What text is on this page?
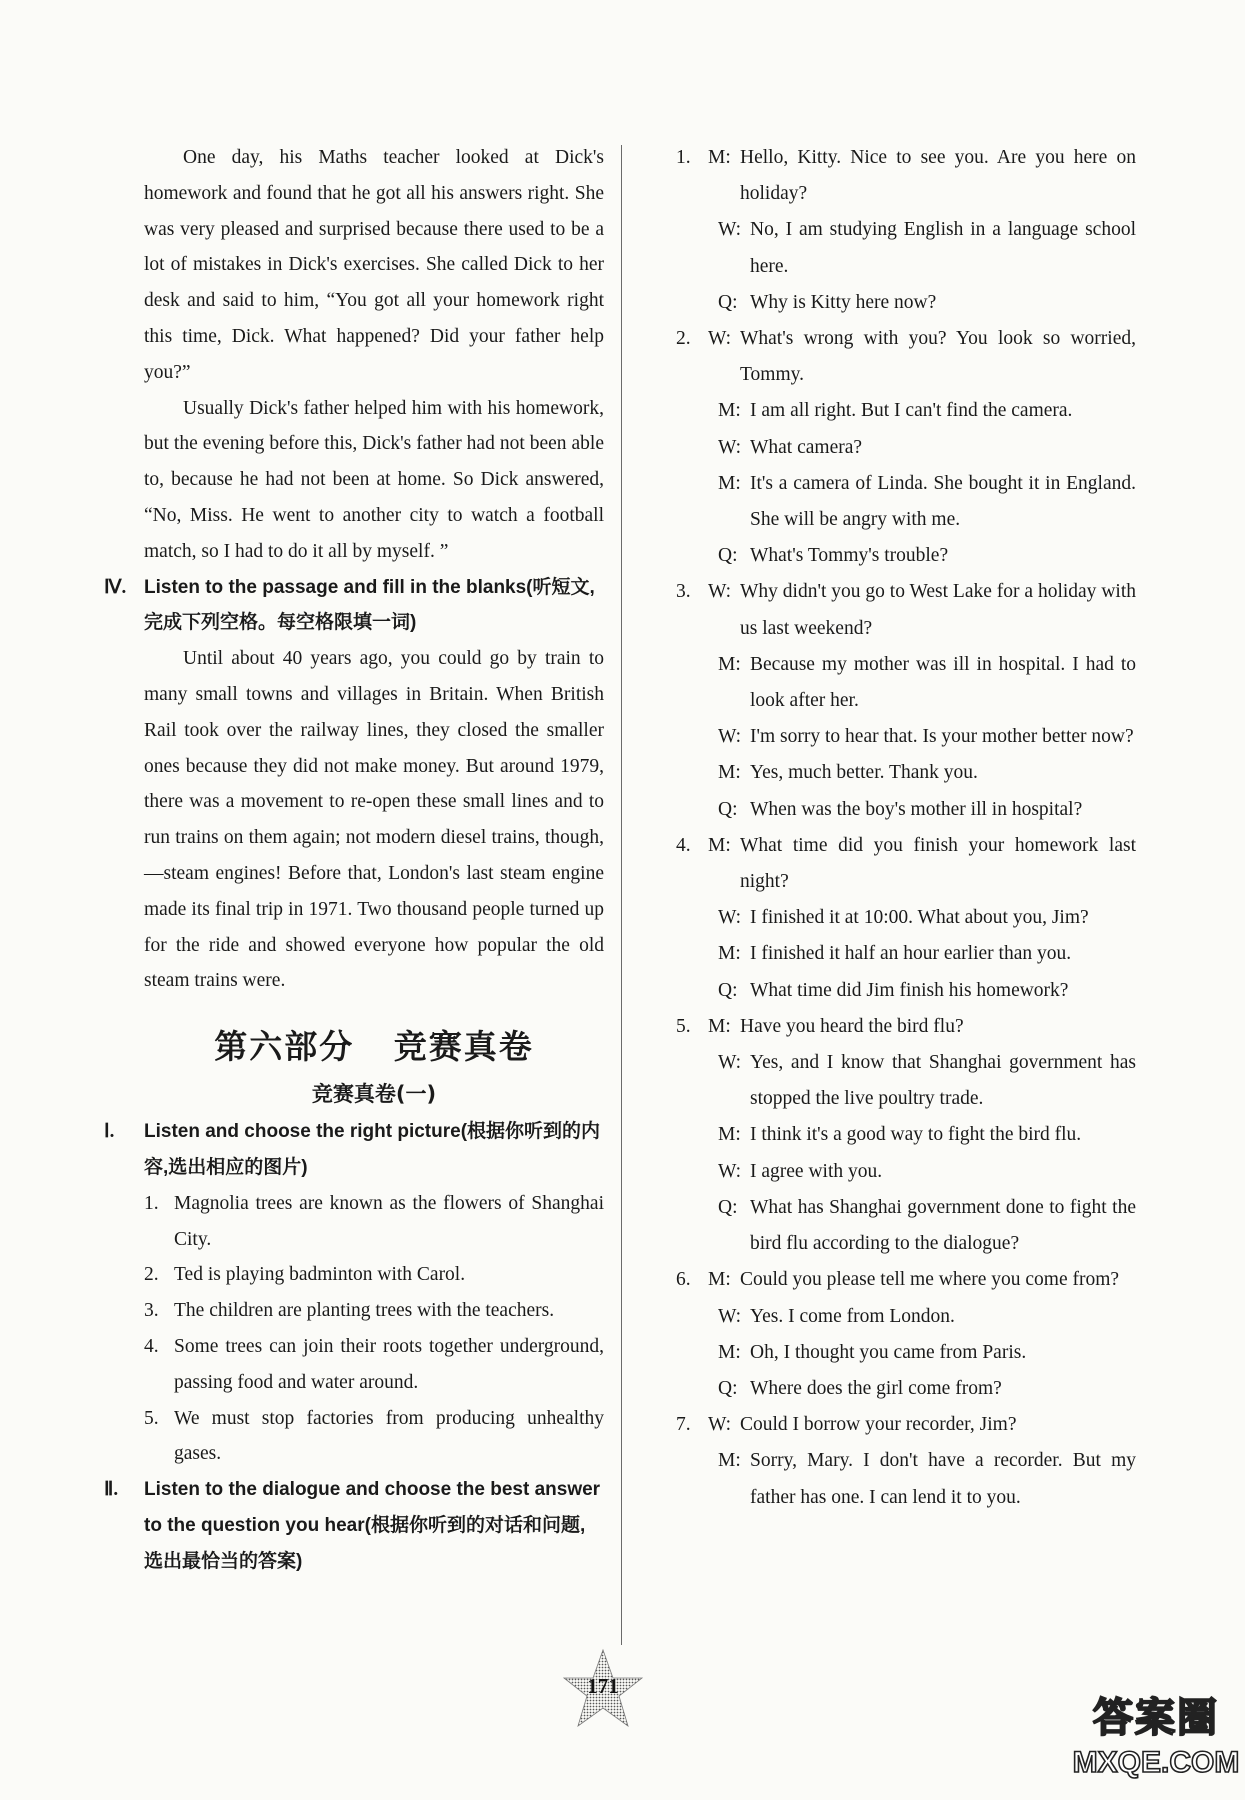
One day, his Maths teacher looked at Dick's homework and found that he got all his answers right. She was very pleased and surprised because there used to be a lot of mistakes in Dick's exercises. She called Dick to her desk and said to him, “You got all your homework right this time, Dick. What happened? Did your father help you?”

Usually Dick's father helped him with his homework, but the evening before this, Dick's father had not been able to, because he had not been at home. So Dick answered, “No, Miss. He went to another city to watch a football match, so I had to do it all by myself. ”

Ⅳ. Listen to the passage and fill in the blanks(听短文,完成下列空格。每空格限填一词)

Until about 40 years ago, you could go by train to many small towns and villages in Britain. When British Rail took over the railway lines, they closed the smaller ones because they did not make money. But around 1979, there was a movement to re-open these small lines and to run trains on them again; not modern diesel trains, though, —steam engines! Before that, London's last steam engine made its final trip in 1971. Two thousand people turned up for the ride and showed everyone how popular the old steam trains were.

第六部分 竞赛真卷
竞赛真卷(一)
Ⅰ. Listen and choose the right picture(根据你听到的内容,选出相应的图片)
1. Magnolia trees are known as the flowers of Shanghai City.
2. Ted is playing badminton with Carol.
3. The children are planting trees with the teachers.
4. Some trees can join their roots together underground, passing food and water around.
5. We must stop factories from producing unhealthy gases.
Ⅱ. Listen to the dialogue and choose the best answer to the question you hear(根据你听到的对话和问题,选出最恰当的答案)
1. M: Hello, Kitty. Nice to see you. Are you here on holiday?
W: No, I am studying English in a language school here.
Q: Why is Kitty here now?
2. W: What's wrong with you? You look so worried, Tommy.
M: I am all right. But I can't find the camera.
W: What camera?
M: It's a camera of Linda. She bought it in England. She will be angry with me.
Q: What's Tommy's trouble?
3. W: Why didn't you go to West Lake for a holiday with us last weekend?
M: Because my mother was ill in hospital. I had to look after her.
W: I'm sorry to hear that. Is your mother better now?
M: Yes, much better. Thank you.
Q: When was the boy's mother ill in hospital?
4. M: What time did you finish your homework last night?
W: I finished it at 10:00. What about you, Jim?
M: I finished it half an hour earlier than you.
Q: What time did Jim finish his homework?
5. M: Have you heard the bird flu?
W: Yes, and I know that Shanghai government has stopped the live poultry trade.
M: I think it's a good way to fight the bird flu.
W: I agree with you.
Q: What has Shanghai government done to fight the bird flu according to the dialogue?
6. M: Could you please tell me where you come from?
W: Yes. I come from London.
M: Oh, I thought you came from Paris.
Q: Where does the girl come from?
7. W: Could I borrow your recorder, Jim?
M: Sorry, Mary. I don't have a recorder. But my father has one. I can lend it to you.
171
答案圈
MXQE.COM
